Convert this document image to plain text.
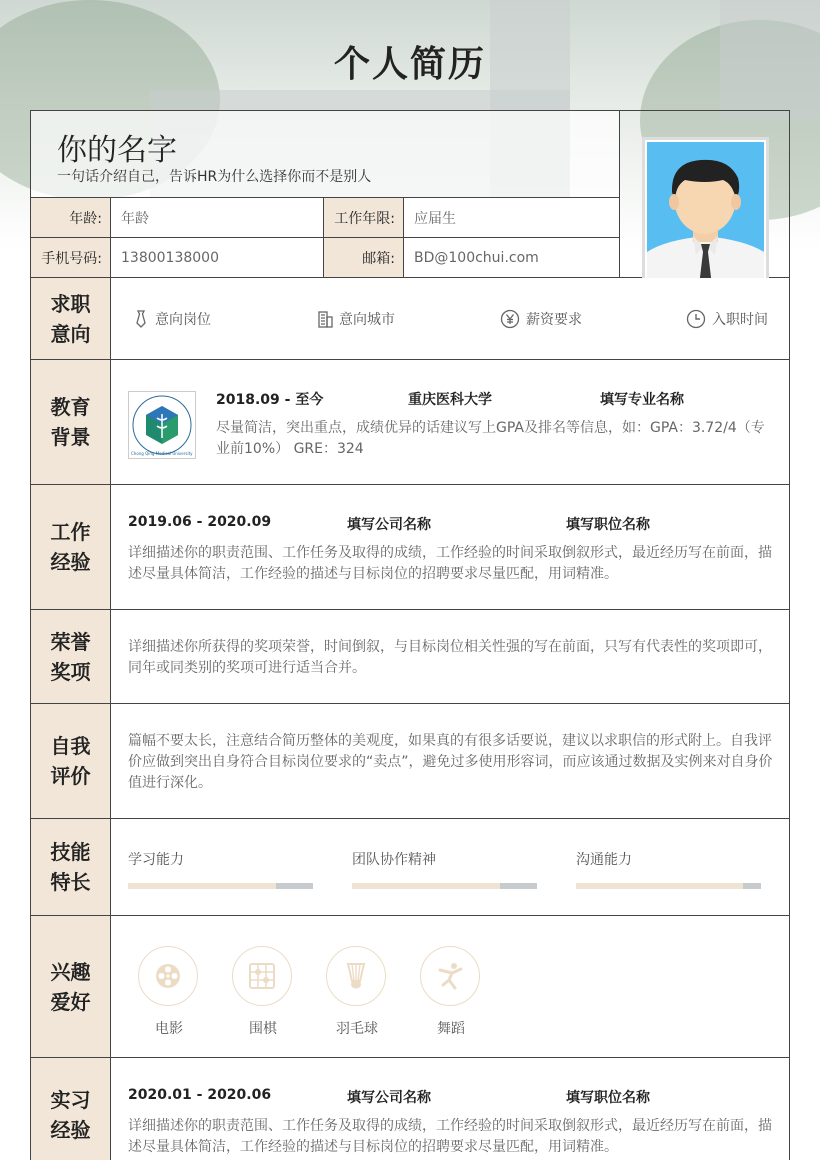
个人简历
你的名字
一句话介绍自己，告诉HR为什么选择你而不是别人
年龄:	年龄	工作年限:	应届生
手机号码:	13800138000	邮箱:	BD@100chui.com
求职意向
意向岗位	意向城市	薪资要求	入职时间
教育背景
Chong Qing Medical University
2018.09 - 至今	重庆医科大学	填写专业名称
尽量简洁，突出重点，成绩优异的话建议写上GPA及排名等信息，如：GPA：3.72/4（专业前10%） GRE：324
工作经验
2019.06 - 2020.09	填写公司名称	填写职位名称
详细描述你的职责范围、工作任务及取得的成绩，工作经验的时间采取倒叙形式，最近经历写在前面，描述尽量具体简洁，工作经验的描述与目标岗位的招聘要求尽量匹配，用词精准。
荣誉奖项
详细描述你所获得的奖项荣誉，时间倒叙，与目标岗位相关性强的写在前面，只写有代表性的奖项即可，同年或同类别的奖项可进行适当合并。
自我评价
篇幅不要太长，注意结合简历整体的美观度，如果真的有很多话要说，建议以求职信的形式附上。自我评价应做到突出自身符合目标岗位要求的“卖点”，避免过多使用形容词，而应该通过数据及实例来对自身价值进行深化。
技能特长
学习能力	团队协作精神	沟通能力
兴趣爱好
电影	围棋	羽毛球	舞蹈
实习经验
2020.01 - 2020.06	填写公司名称	填写职位名称
详细描述你的职责范围、工作任务及取得的成绩，工作经验的时间采取倒叙形式，最近经历写在前面，描述尽量具体简洁，工作经验的描述与目标岗位的招聘要求尽量匹配，用词精准。
